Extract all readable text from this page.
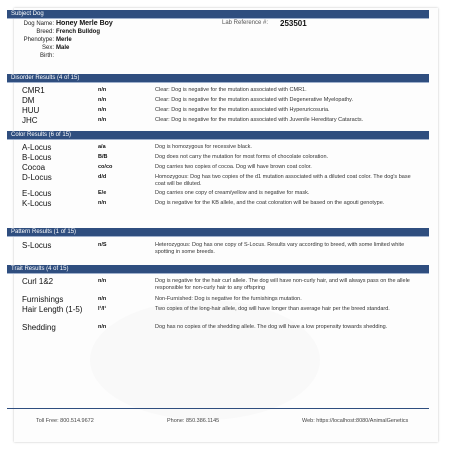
Subject Dog
Dog Name: Honey Merle Boy
Breed: French Bulldog
Phenotype: Merle
Sex: Male
Birth:
Lab Reference #: 253501
Disorder Results (4 of 15)
CMR1	n/n	Clear: Dog is negative for the mutation associated with CMR1.
DM	n/n	Clear: Dog is negative for the mutation associated with Degenerative Myelopathy.
HUU	n/n	Clear: Dog is negative for the mutation associated with Hyperuricosuria.
JHC	n/n	Clear: Dog is negative for the mutation associated with Juvenile Hereditary Cataracts.
Color Results (6 of 15)
A-Locus	a/a	Dog is homozygous for recessive black.
B-Locus	B/B	Dog does not carry the mutation for most forms of chocolate coloration.
Cocoa	co/co	Dog carries two copies of cocoa. Dog will have brown coat color.
D-Locus	d/d	Homozygous: Dog has two copies of the d1 mutation associated with a diluted coat color. The dog's base coat will be diluted.
E-Locus	E/e	Dog carries one copy of cream/yellow and is negative for mask.
K-Locus	n/n	Dog is negative for the KB allele, and the coat coloration will be based on the agouti genotype.
Pattern Results (1 of 15)
S-Locus	n/S	Heterozygous: Dog has one copy of S-Locus. Results vary according to breed, with some limited white spotting in some breeds.
Trait Results (4 of 15)
Curl 1&2	n/n	Dog is negative for the hair curl allele. The dog will have non-curly hair, and will always pass on the allele responsible for non-curly hair to any offspring
Furnishings	n/n	Non-Furnished: Dog is negative for the furnishings mutation.
Hair Length (1-5)	l¹/l¹	Two copies of the long-hair allele, dog will have longer than average hair per the breed standard.
Shedding	n/n	Dog has no copies of the shedding allele. The dog will have a low propensity towards shedding.
Toll Free: 800.514.9672	Phone: 850.386.1145	Web: https://localhost:8080/AnimalGenetics
